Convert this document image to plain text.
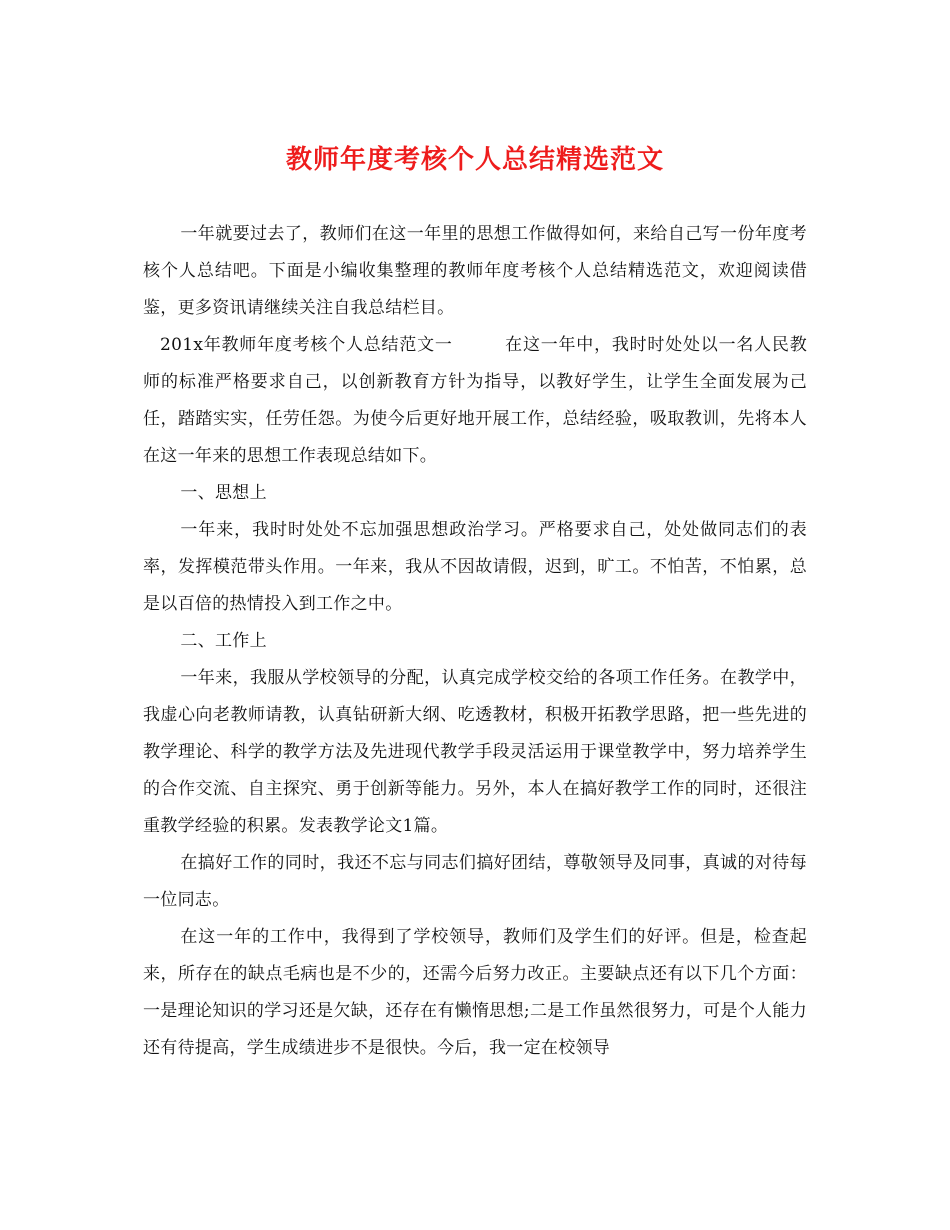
教师年度考核个人总结精选范文

一年就要过去了，教师们在这一年里的思想工作做得如何，来给自己写一份年度考核个人总结吧。下面是小编收集整理的教师年度考核个人总结精选范文，欢迎阅读借鉴，更多资讯请继续关注自我总结栏目。

201x年教师年度考核个人总结范文一	在这一年中，我时时处处以一名人民教师的标准严格要求自己，以创新教育方针为指导，以教好学生，让学生全面发展为己任，踏踏实实，任劳任怨。为使今后更好地开展工作，总结经验，吸取教训，先将本人在这一年来的思想工作表现总结如下。

一、思想上

一年来，我时时处处不忘加强思想政治学习。严格要求自己，处处做同志们的表率，发挥模范带头作用。一年来，我从不因故请假，迟到，旷工。不怕苦，不怕累，总是以百倍的热情投入到工作之中。

二、工作上

一年来，我服从学校领导的分配，认真完成学校交给的各项工作任务。在教学中，我虚心向老教师请教，认真钻研新大纲、吃透教材，积极开拓教学思路，把一些先进的教学理论、科学的教学方法及先进现代教学手段灵活运用于课堂教学中，努力培养学生的合作交流、自主探究、勇于创新等能力。另外，本人在搞好教学工作的同时，还很注重教学经验的积累。发表教学论文1篇。

在搞好工作的同时，我还不忘与同志们搞好团结，尊敬领导及同事，真诚的对待每一位同志。

在这一年的工作中，我得到了学校领导，教师们及学生们的好评。但是，检查起来，所存在的缺点毛病也是不少的，还需今后努力改正。主要缺点还有以下几个方面：一是理论知识的学习还是欠缺，还存在有懒惰思想;二是工作虽然很努力，可是个人能力还有待提高，学生成绩进步不是很快。今后，我一定在校领导
